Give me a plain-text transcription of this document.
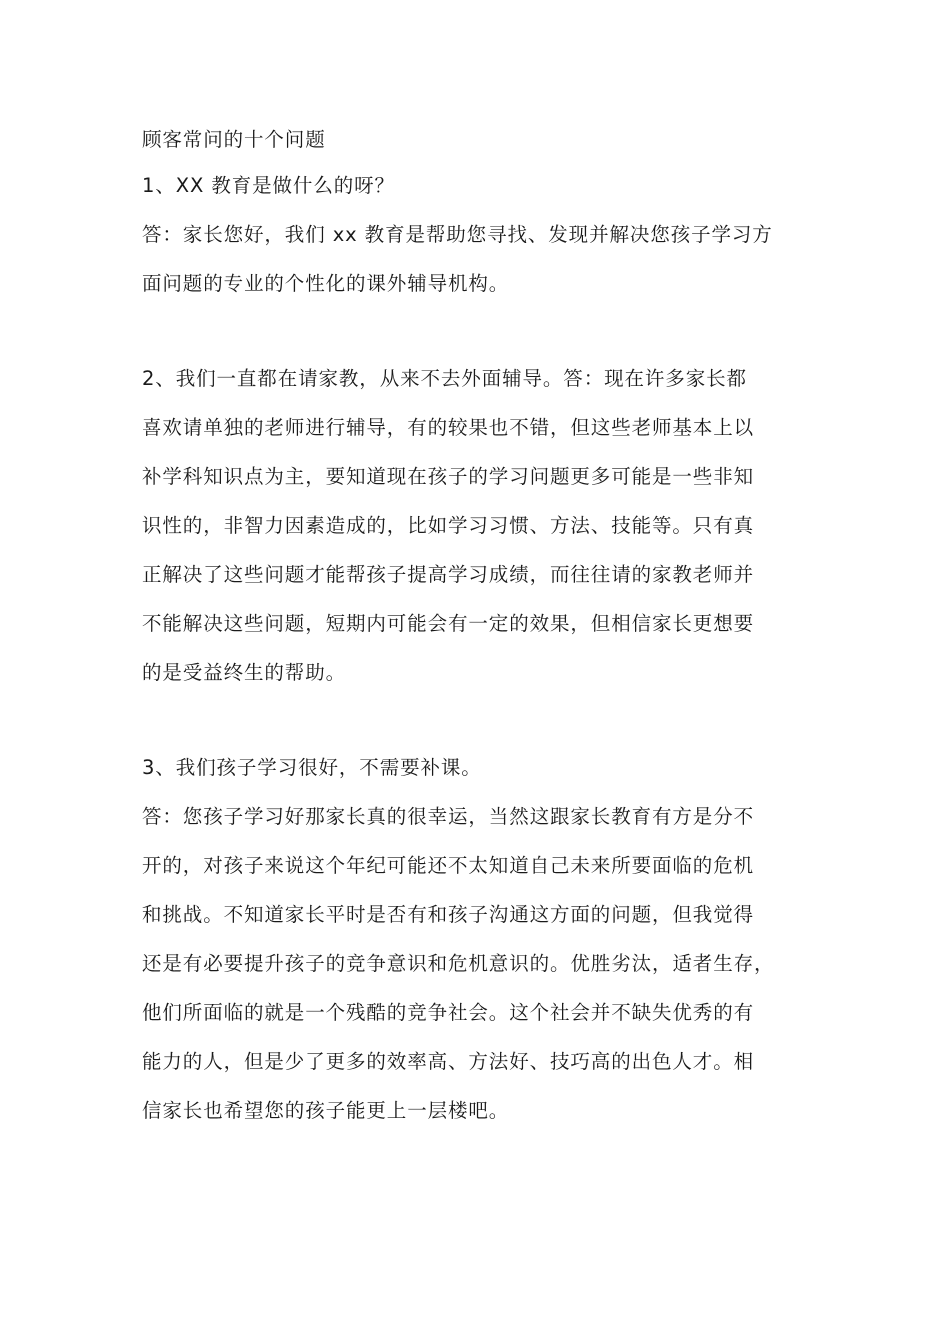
顾客常问的十个问题
1、XX 教育是做什么的呀？
答：家长您好，我们 xx 教育是帮助您寻找、发现并解决您孩子学习方
面问题的专业的个性化的课外辅导机构。
2、我们一直都在请家教，从来不去外面辅导。答：现在许多家长都
喜欢请单独的老师进行辅导，有的较果也不错，但这些老师基本上以
补学科知识点为主，要知道现在孩子的学习问题更多可能是一些非知
识性的，非智力因素造成的，比如学习习惯、方法、技能等。只有真
正解决了这些问题才能帮孩子提高学习成绩，而往往请的家教老师并
不能解决这些问题，短期内可能会有一定的效果，但相信家长更想要
的是受益终生的帮助。
3、我们孩子学习很好，不需要补课。
答：您孩子学习好那家长真的很幸运，当然这跟家长教育有方是分不
开的，对孩子来说这个年纪可能还不太知道自己未来所要面临的危机
和挑战。不知道家长平时是否有和孩子沟通这方面的问题，但我觉得
还是有必要提升孩子的竞争意识和危机意识的。优胜劣汰，适者生存，
他们所面临的就是一个残酷的竞争社会。这个社会并不缺失优秀的有
能力的人，但是少了更多的效率高、方法好、技巧高的出色人才。相
信家长也希望您的孩子能更上一层楼吧。
